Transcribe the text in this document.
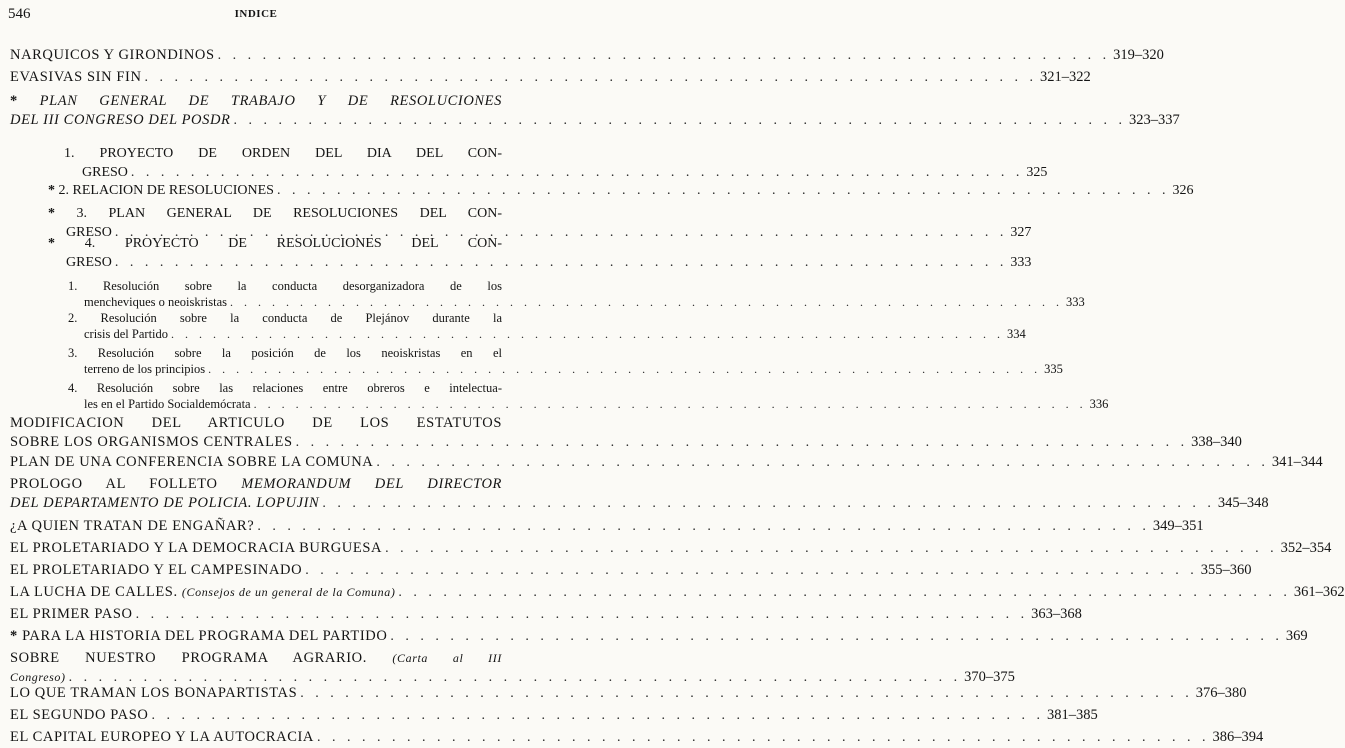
546	INDICE
NARQUICOS Y GIRONDINOS . . . . . . . . . . . . . . . . . . . . . . . . . . . . . . . . . . . . . . . . . . . . . . . . . . . . . . . . . . . . 319–320
EVASIVAS SIN FIN . . . . . . . . . . . . . . . . . . . . . . . . . . . . . . . . . . . . . . . . . . . . . . . . . . . . . . . . . . . . 321–322
* PLAN GENERAL DE TRABAJO Y DE RESOLUCIONES
DEL III CONGRESO DEL POSDR . . . . . . . . . . . . . . . . . . . . . . . . . . . . . . . . . . . . . . . . . . . . . . . . . . . . . . . . . . . . 323–337
1. PROYECTO DE ORDEN DEL DIA DEL CON-
GRESO . . . . . . . . . . . . . . . . . . . . . . . . . . . . . . . . . . . . . . . . . . . . . . . . . . . . . . . . . . . . 325
* 2. RELACION DE RESOLUCIONES . . . . . . . . . . . . . . . . . . . . . . . . . . . . . . . . . . . . . . . . . . . . . . . . . . . . . . . . . . . . 326
* 3. PLAN GENERAL DE RESOLUCIONES DEL CON-
GRESO . . . . . . . . . . . . . . . . . . . . . . . . . . . . . . . . . . . . . . . . . . . . . . . . . . . . . . . . . . . . 327
* 4. PROYECTO DE RESOLUCIONES DEL CON-
GRESO . . . . . . . . . . . . . . . . . . . . . . . . . . . . . . . . . . . . . . . . . . . . . . . . . . . . . . . . . . . . 333
1. Resolución sobre la conducta desorganizadora de los
mencheviques o neoiskristas . . . . . . . . . . . . . . . . . . . . . . . . . . . . . . . . . . . . . . . . . . . . . . . . . . . . . . . . . . . . 333
2. Resolución sobre la conducta de Plejánov durante la
crisis del Partido . . . . . . . . . . . . . . . . . . . . . . . . . . . . . . . . . . . . . . . . . . . . . . . . . . . . . . . . . . . . 334
3. Resolución sobre la posición de los neoiskristas en el
terreno de los principios . . . . . . . . . . . . . . . . . . . . . . . . . . . . . . . . . . . . . . . . . . . . . . . . . . . . . . . . . . . . 335
4. Resolución sobre las relaciones entre obreros e intelectua-
les en el Partido Socialdemócrata . . . . . . . . . . . . . . . . . . . . . . . . . . . . . . . . . . . . . . . . . . . . . . . . . . . . . . . . . . . . 336
MODIFICACION DEL ARTICULO DE LOS ESTATUTOS
SOBRE LOS ORGANISMOS CENTRALES . . . . . . . . . . . . . . . . . . . . . . . . . . . . . . . . . . . . . . . . . . . . . . . . . . . . . . . . . . . . 338–340
PLAN DE UNA CONFERENCIA SOBRE LA COMUNA . . . . . . . . . . . . . . . . . . . . . . . . . . . . . . . . . . . . . . . . . . . . . . . . . . . . . . . . . . . . 341–344
PROLOGO AL FOLLETO MEMORANDUM DEL DIRECTOR
DEL DEPARTAMENTO DE POLICIA. LOPUJIN . . . . . . . . . . . . . . . . . . . . . . . . . . . . . . . . . . . . . . . . . . . . . . . . . . . . . . . . . . . . 345–348
¿A QUIEN TRATAN DE ENGAÑAR? . . . . . . . . . . . . . . . . . . . . . . . . . . . . . . . . . . . . . . . . . . . . . . . . . . . . . . . . . . . . 349–351
EL PROLETARIADO Y LA DEMOCRACIA BURGUESA . . . . . . . . . . . . . . . . . . . . . . . . . . . . . . . . . . . . . . . . . . . . . . . . . . . . . . . . . . . . 352–354
EL PROLETARIADO Y EL CAMPESINADO . . . . . . . . . . . . . . . . . . . . . . . . . . . . . . . . . . . . . . . . . . . . . . . . . . . . . . . . . . . . 355–360
LA LUCHA DE CALLES. (Consejos de un general de la Comuna) . . . . . . . . . . . . . . . . . . . . . . . . . . . . . . . . . . . . . . . . . . . . . . . . . . . . . . . . . . . . 361–362
EL PRIMER PASO . . . . . . . . . . . . . . . . . . . . . . . . . . . . . . . . . . . . . . . . . . . . . . . . . . . . . . . . . . . . 363–368
* PARA LA HISTORIA DEL PROGRAMA DEL PARTIDO . . . . . . . . . . . . . . . . . . . . . . . . . . . . . . . . . . . . . . . . . . . . . . . . . . . . . . . . . . . . 369
SOBRE NUESTRO PROGRAMA AGRARIO. (Carta al III
Congreso) . . . . . . . . . . . . . . . . . . . . . . . . . . . . . . . . . . . . . . . . . . . . . . . . . . . . . . . . . . . . 370–375
LO QUE TRAMAN LOS BONAPARTISTAS . . . . . . . . . . . . . . . . . . . . . . . . . . . . . . . . . . . . . . . . . . . . . . . . . . . . . . . . . . . . 376–380
EL SEGUNDO PASO . . . . . . . . . . . . . . . . . . . . . . . . . . . . . . . . . . . . . . . . . . . . . . . . . . . . . . . . . . . . 381–385
EL CAPITAL EUROPEO Y LA AUTOCRACIA . . . . . . . . . . . . . . . . . . . . . . . . . . . . . . . . . . . . . . . . . . . . . . . . . . . . . . . . . . . . 386–394
